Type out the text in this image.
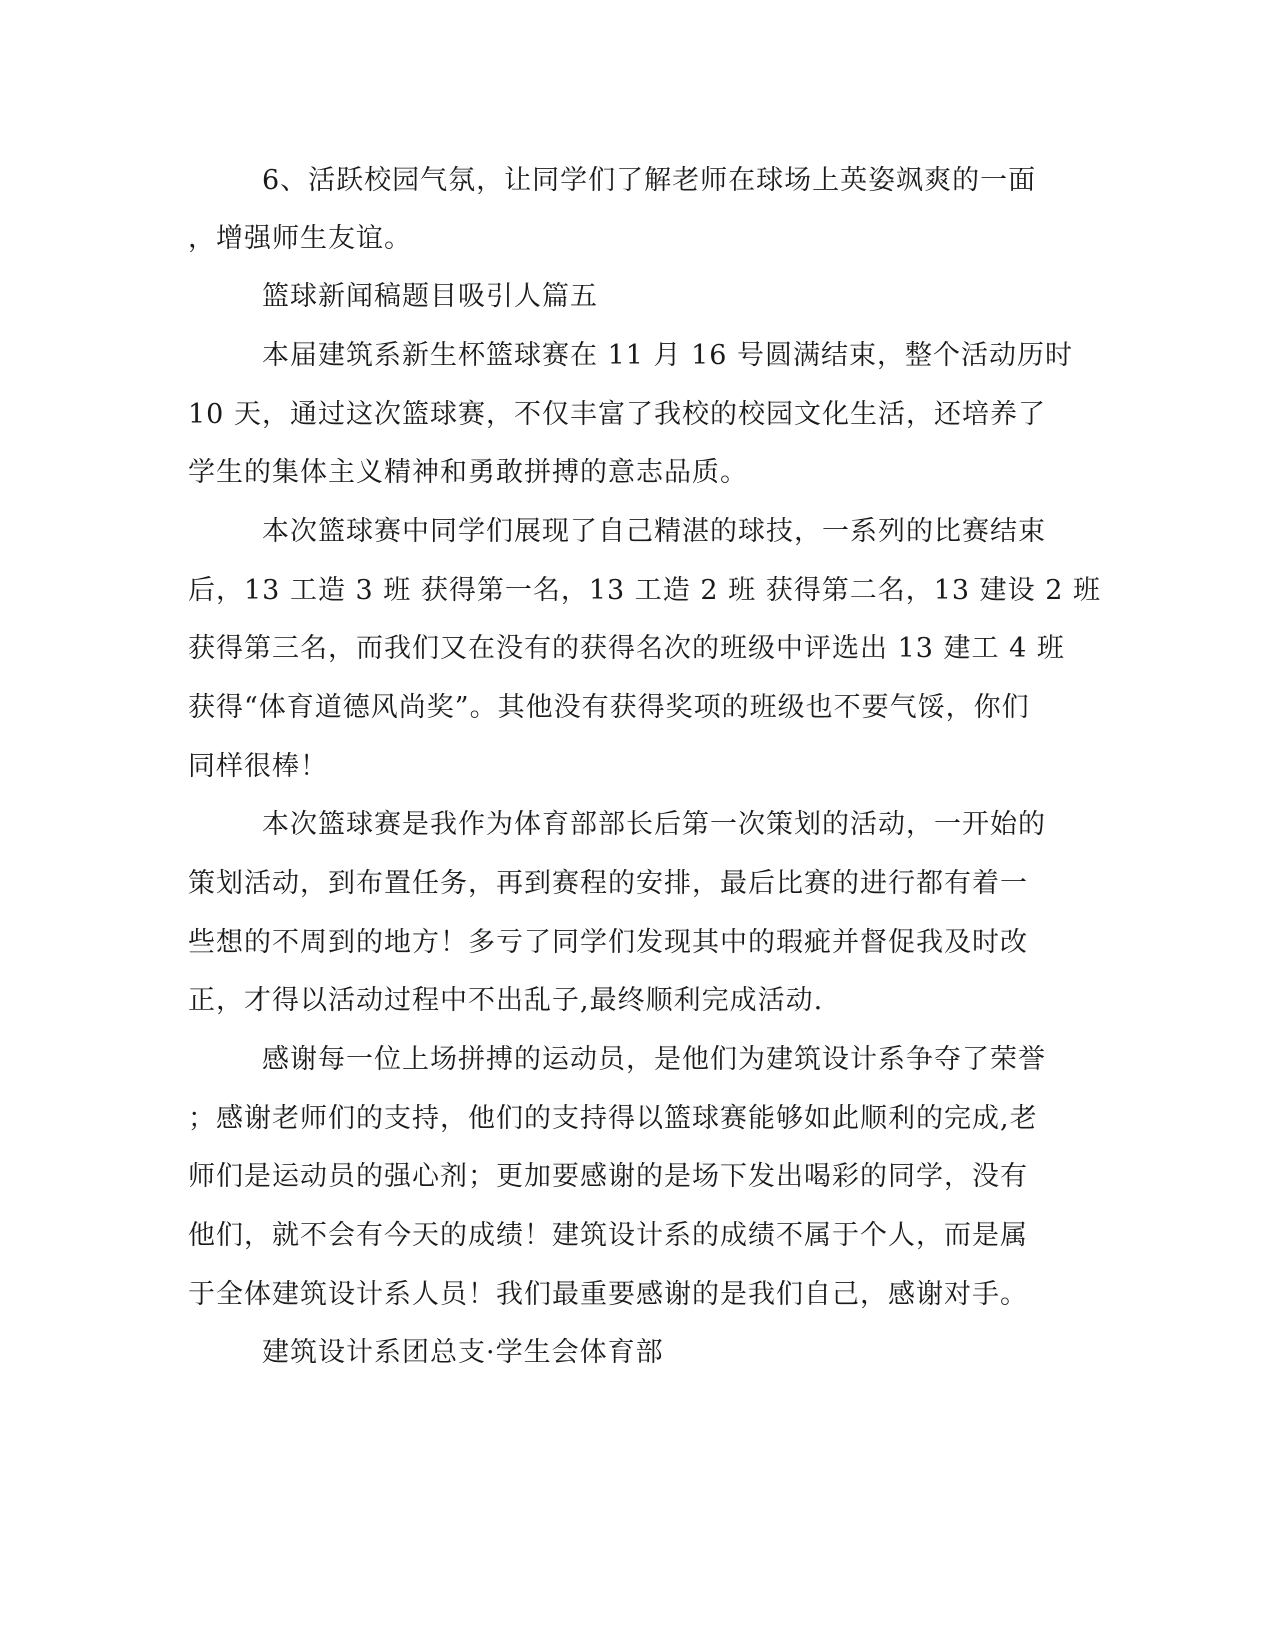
6、活跃校园气氛，让同学们了解老师在球场上英姿飒爽的一面
，增强师生友谊。
篮球新闻稿题目吸引人篇五
本届建筑系新生杯篮球赛在 11 月 16 号圆满结束，整个活动历时
10 天，通过这次篮球赛，不仅丰富了我校的校园文化生活，还培养了
学生的集体主义精神和勇敢拼搏的意志品质。
本次篮球赛中同学们展现了自己精湛的球技，一系列的比赛结束
后，13 工造 3 班 获得第一名，13 工造 2 班 获得第二名，13 建设 2 班
获得第三名，而我们又在没有的获得名次的班级中评选出 13 建工 4 班
获得“体育道德风尚奖”。其他没有获得奖项的班级也不要气馁，你们
同样很棒！
本次篮球赛是我作为体育部部长后第一次策划的活动，一开始的
策划活动，到布置任务，再到赛程的安排，最后比赛的进行都有着一
些想的不周到的地方！多亏了同学们发现其中的瑕疵并督促我及时改
正，才得以活动过程中不出乱子,最终顺利完成活动.
感谢每一位上场拼搏的运动员，是他们为建筑设计系争夺了荣誉
；感谢老师们的支持，他们的支持得以篮球赛能够如此顺利的完成,老
师们是运动员的强心剂；更加要感谢的是场下发出喝彩的同学，没有
他们，就不会有今天的成绩！建筑设计系的成绩不属于个人，而是属
于全体建筑设计系人员！我们最重要感谢的是我们自己，感谢对手。
建筑设计系团总支·学生会体育部
